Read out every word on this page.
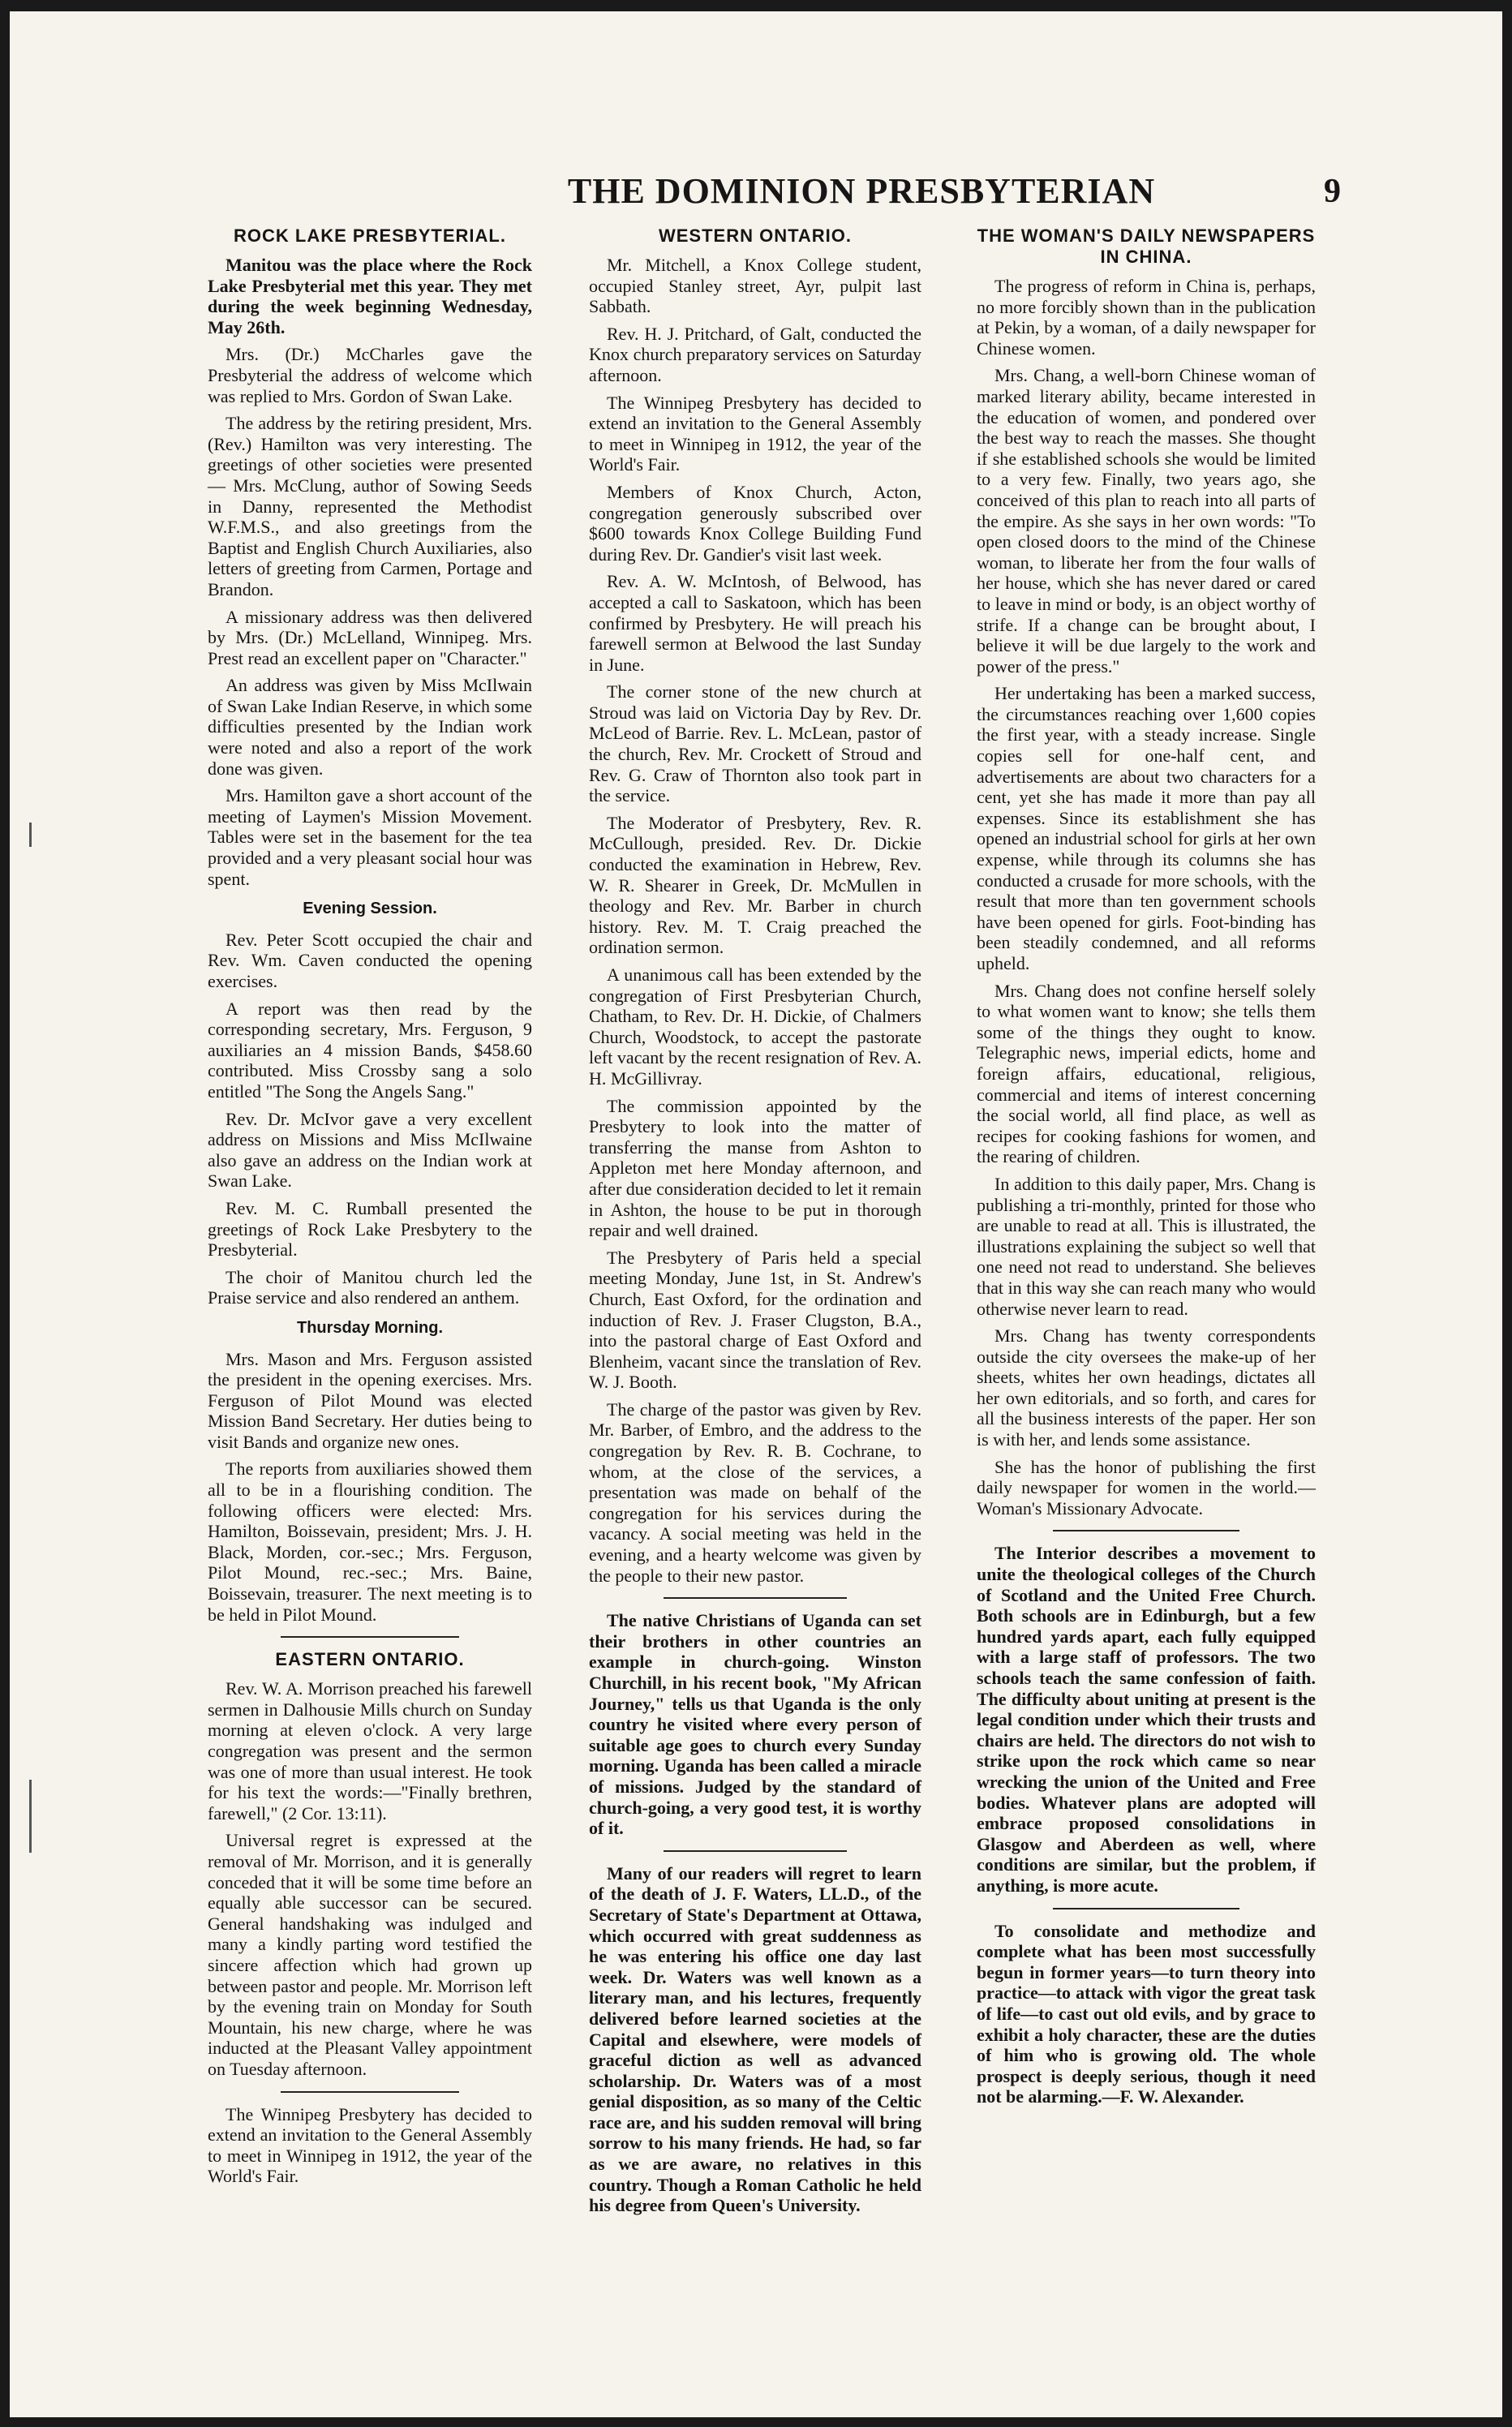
THE DOMINION PRESBYTERIAN	9
ROCK LAKE PRESBYTERIAL.

Manitou was the place where the Rock Lake Presbyterial met this year. They met during the week beginning Wednesday, May 26th.

Mrs. (Dr.) McCharles gave the Presbyterial the address of welcome which was replied to Mrs. Gordon of Swan Lake.

The address by the retiring president, Mrs. (Rev.) Hamilton was very interesting. The greetings of other societies were presented — Mrs. McClung, author of Sowing Seeds in Danny, represented the Methodist W.F.M.S., and also greetings from the Baptist and English Church Auxiliaries, also letters of greeting from Carmen, Portage and Brandon.

A missionary address was then delivered by Mrs. (Dr.) McLelland, Winnipeg. Mrs. Prest read an excellent paper on "Character."

An address was given by Miss McIlwain of Swan Lake Indian Reserve, in which some difficulties presented by the Indian work were noted and also a report of the work done was given.

Mrs. Hamilton gave a short account of the meeting of Laymen's Mission Movement. Tables were set in the basement for the tea provided and a very pleasant social hour was spent.

Evening Session.

Rev. Peter Scott occupied the chair and Rev. Wm. Caven conducted the opening exercises.

A report was then read by the corresponding secretary, Mrs. Ferguson, 9 auxiliaries an 4 mission Bands, $458.60 contributed. Miss Crossby sang a solo entitled "The Song the Angels Sang."

Rev. Dr. McIvor gave a very excellent address on Missions and Miss McIlwaine also gave an address on the Indian work at Swan Lake.

Rev. M. C. Rumball presented the greetings of Rock Lake Presbytery to the Presbyterial.

The choir of Manitou church led the Praise service and also rendered an anthem.

Thursday Morning.

Mrs. Mason and Mrs. Ferguson assisted the president in the opening exercises. Mrs. Ferguson of Pilot Mound was elected Mission Band Secretary. Her duties being to visit Bands and organize new ones.

The reports from auxiliaries showed them all to be in a flourishing condition. The following officers were elected: Mrs. Hamilton, Boissevain, president; Mrs. J. H. Black, Morden, cor.-sec.; Mrs. Ferguson, Pilot Mound, rec.-sec.; Mrs. Baine, Boissevain, treasurer. The next meeting is to be held in Pilot Mound.

EASTERN ONTARIO.

Rev. W. A. Morrison preached his farewell sermen in Dalhousie Mills church on Sunday morning at eleven o'clock. A very large congregation was present and the sermon was one of more than usual interest. He took for his text the words:—"Finally brethren, farewell," (2 Cor. 13:11).

Universal regret is expressed at the removal of Mr. Morrison, and it is generally conceded that it will be some time before an equally able successor can be secured. General handshaking was indulged and many a kindly parting word testified the sincere affection which had grown up between pastor and people. Mr. Morrison left by the evening train on Monday for South Mountain, his new charge, where he was inducted at the Pleasant Valley appointment on Tuesday afternoon.

The Winnipeg Presbytery has decided to extend an invitation to the General Assembly to meet in Winnipeg in 1912, the year of the World's Fair.

WESTERN ONTARIO.

Mr. Mitchell, a Knox College student, occupied Stanley street, Ayr, pulpit last Sabbath.

Rev. H. J. Pritchard, of Galt, conducted the Knox church preparatory services on Saturday afternoon.

The Winnipeg Presbytery has decided to extend an invitation to the General Assembly to meet in Winnipeg in 1912, the year of the World's Fair.

Members of Knox Church, Acton, congregation generously subscribed over $600 towards Knox College Building Fund during Rev. Dr. Gandier's visit last week.

Rev. A. W. McIntosh, of Belwood, has accepted a call to Saskatoon, which has been confirmed by Presbytery. He will preach his farewell sermon at Belwood the last Sunday in June.

The corner stone of the new church at Stroud was laid on Victoria Day by Rev. Dr. McLeod of Barrie. Rev. L. McLean, pastor of the church, Rev. Mr. Crockett of Stroud and Rev. G. Craw of Thornton also took part in the service.

The Moderator of Presbytery, Rev. R. McCullough, presided. Rev. Dr. Dickie conducted the examination in Hebrew, Rev. W. R. Shearer in Greek, Dr. McMullen in theology and Rev. Mr. Barber in church history. Rev. M. T. Craig preached the ordination sermon.

A unanimous call has been extended by the congregation of First Presbyterian Church, Chatham, to Rev. Dr. H. Dickie, of Chalmers Church, Woodstock, to accept the pastorate left vacant by the recent resignation of Rev. A. H. McGillivray.

The commission appointed by the Presbytery to look into the matter of transferring the manse from Ashton to Appleton met here Monday afternoon, and after due consideration decided to let it remain in Ashton, the house to be put in thorough repair and well drained.

The Presbytery of Paris held a special meeting Monday, June 1st, in St. Andrew's Church, East Oxford, for the ordination and induction of Rev. J. Fraser Clugston, B.A., into the pastoral charge of East Oxford and Blenheim, vacant since the translation of Rev. W. J. Booth.

The charge of the pastor was given by Rev. Mr. Barber, of Embro, and the address to the congregation by Rev. R. B. Cochrane, to whom, at the close of the services, a presentation was made on behalf of the congregation for his services during the vacancy. A social meeting was held in the evening, and a hearty welcome was given by the people to their new pastor.

The native Christians of Uganda can set their brothers in other countries an example in church-going. Winston Churchill, in his recent book, "My African Journey," tells us that Uganda is the only country he visited where every person of suitable age goes to church every Sunday morning. Uganda has been called a miracle of missions. Judged by the standard of church-going, a very good test, it is worthy of it.

Many of our readers will regret to learn of the death of J. F. Waters, LL.D., of the Secretary of State's Department at Ottawa, which occurred with great suddenness as he was entering his office one day last week. Dr. Waters was well known as a literary man, and his lectures, frequently delivered before learned societies at the Capital and elsewhere, were models of graceful diction as well as advanced scholarship. Dr. Waters was of a most genial disposition, as so many of the Celtic race are, and his sudden removal will bring sorrow to his many friends. He had, so far as we are aware, no relatives in this country. Though a Roman Catholic he held his degree from Queen's University.

THE WOMAN'S DAILY NEWSPAPERS IN CHINA.

The progress of reform in China is, perhaps, no more forcibly shown than in the publication at Pekin, by a woman, of a daily newspaper for Chinese women.

Mrs. Chang, a well-born Chinese woman of marked literary ability, became interested in the education of women, and pondered over the best way to reach the masses. She thought if she established schools she would be limited to a very few. Finally, two years ago, she conceived of this plan to reach into all parts of the empire. As she says in her own words: "To open closed doors to the mind of the Chinese woman, to liberate her from the four walls of her house, which she has never dared or cared to leave in mind or body, is an object worthy of strife. If a change can be brought about, I believe it will be due largely to the work and power of the press."

Her undertaking has been a marked success, the circumstances reaching over 1,600 copies the first year, with a steady increase. Single copies sell for one-half cent, and advertisements are about two characters for a cent, yet she has made it more than pay all expenses. Since its establishment she has opened an industrial school for girls at her own expense, while through its columns she has conducted a crusade for more schools, with the result that more than ten government schools have been opened for girls. Foot-binding has been steadily condemned, and all reforms upheld.

Mrs. Chang does not confine herself solely to what women want to know; she tells them some of the things they ought to know. Telegraphic news, imperial edicts, home and foreign affairs, educational, religious, commercial and items of interest concerning the social world, all find place, as well as recipes for cooking fashions for women, and the rearing of children.

In addition to this daily paper, Mrs. Chang is publishing a tri-monthly, printed for those who are unable to read at all. This is illustrated, the illustrations explaining the subject so well that one need not read to understand. She believes that in this way she can reach many who would otherwise never learn to read.

Mrs. Chang has twenty correspondents outside the city oversees the make-up of her sheets, whites her own headings, dictates all her own editorials, and so forth, and cares for all the business interests of the paper. Her son is with her, and lends some assistance.

She has the honor of publishing the first daily newspaper for women in the world.—Woman's Missionary Advocate.

The Interior describes a movement to unite the theological colleges of the Church of Scotland and the United Free Church. Both schools are in Edinburgh, but a few hundred yards apart, each fully equipped with a large staff of professors. The two schools teach the same confession of faith. The difficulty about uniting at present is the legal condition under which their trusts and chairs are held. The directors do not wish to strike upon the rock which came so near wrecking the union of the United and Free bodies. Whatever plans are adopted will embrace proposed consolidations in Glasgow and Aberdeen as well, where conditions are similar, but the problem, if anything, is more acute.

To consolidate and methodize and complete what has been most successfully begun in former years—to turn theory into practice—to attack with vigor the great task of life—to cast out old evils, and by grace to exhibit a holy character, these are the duties of him who is growing old. The whole prospect is deeply serious, though it need not be alarming.—F. W. Alexander.
